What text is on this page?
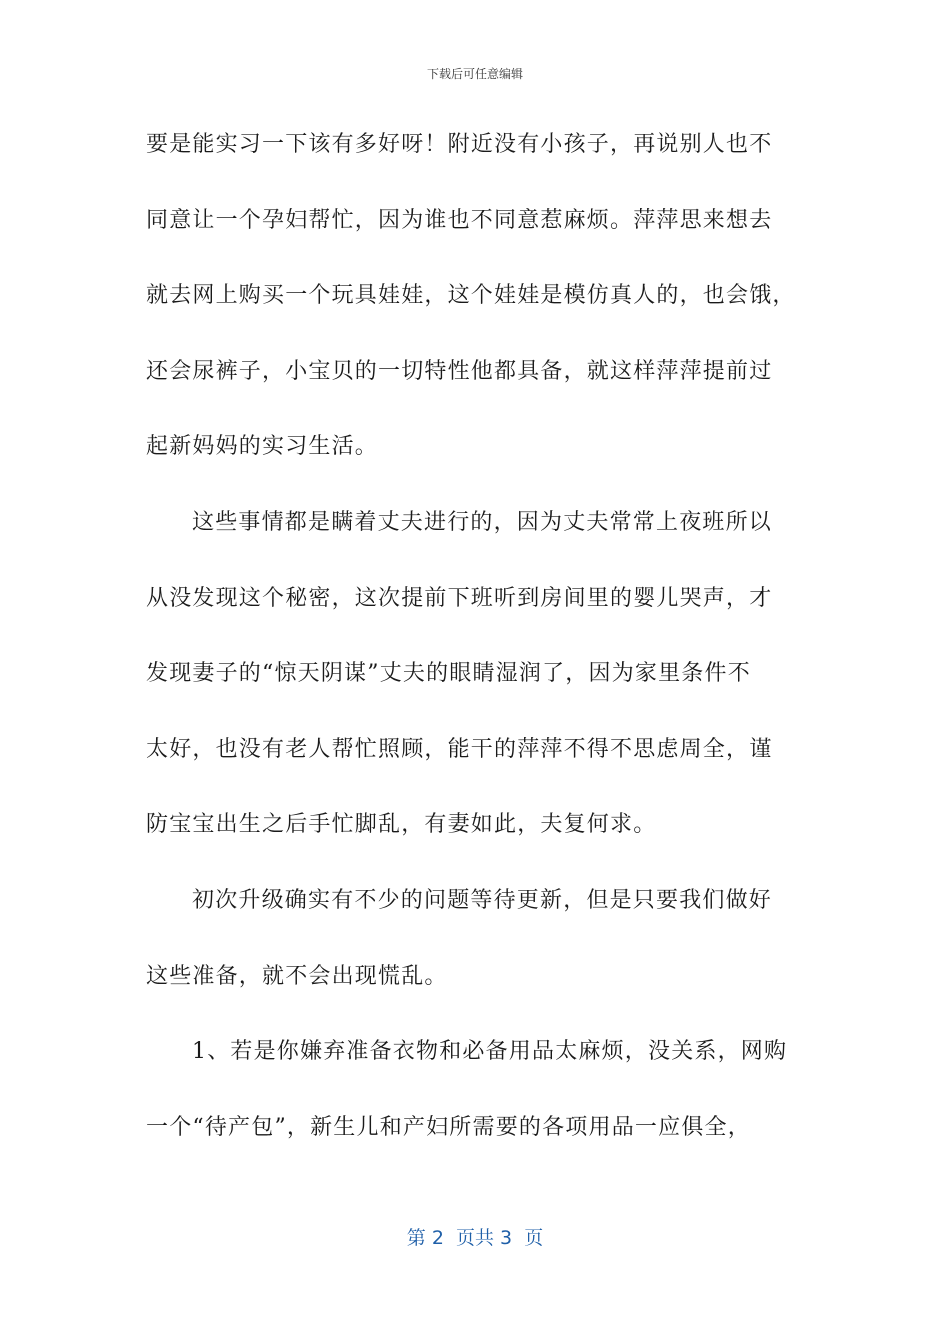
下载后可任意编辑
要是能实习一下该有多好呀！附近没有小孩子，再说别人也不
同意让一个孕妇帮忙，因为谁也不同意惹麻烦。萍萍思来想去
就去网上购买一个玩具娃娃，这个娃娃是模仿真人的，也会饿，
还会尿裤子，小宝贝的一切特性他都具备，就这样萍萍提前过
起新妈妈的实习生活。
这些事情都是瞒着丈夫进行的，因为丈夫常常上夜班所以
从没发现这个秘密，这次提前下班听到房间里的婴儿哭声，才
发现妻子的“惊天阴谋”丈夫的眼睛湿润了，因为家里条件不
太好，也没有老人帮忙照顾，能干的萍萍不得不思虑周全，谨
防宝宝出生之后手忙脚乱，有妻如此，夫复何求。
初次升级确实有不少的问题等待更新，但是只要我们做好
这些准备，就不会出现慌乱。
1、若是你嫌弃准备衣物和必备用品太麻烦，没关系，网购
一个“待产包”，新生儿和产妇所需要的各项用品一应俱全，
第 2  页共 3  页
